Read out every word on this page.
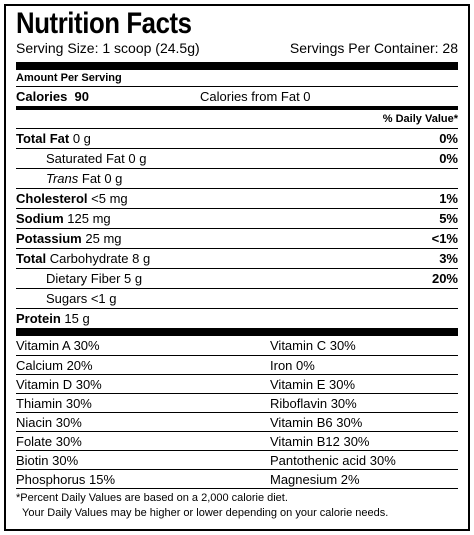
Nutrition Facts
Serving Size: 1 scoop (24.5g)	Servings Per Container: 28
Amount Per Serving
Calories 90	Calories from Fat 0
% Daily Value*
Total Fat 0 g	0%
Saturated Fat 0 g	0%
Trans Fat 0 g
Cholesterol <5 mg	1%
Sodium 125 mg	5%
Potassium 25 mg	<1%
Total Carbohydrate 8 g	3%
Dietary Fiber 5 g	20%
Sugars <1 g
Protein 15 g
Vitamin A 30%	Vitamin C 30%
Calcium 20%	Iron 0%
Vitamin D 30%	Vitamin E 30%
Thiamin 30%	Riboflavin 30%
Niacin 30%	Vitamin B6 30%
Folate 30%	Vitamin B12 30%
Biotin 30%	Pantothenic acid 30%
Phosphorus 15%	Magnesium 2%
*Percent Daily Values are based on a 2,000 calorie diet.
Your Daily Values may be higher or lower depending on your calorie needs.
